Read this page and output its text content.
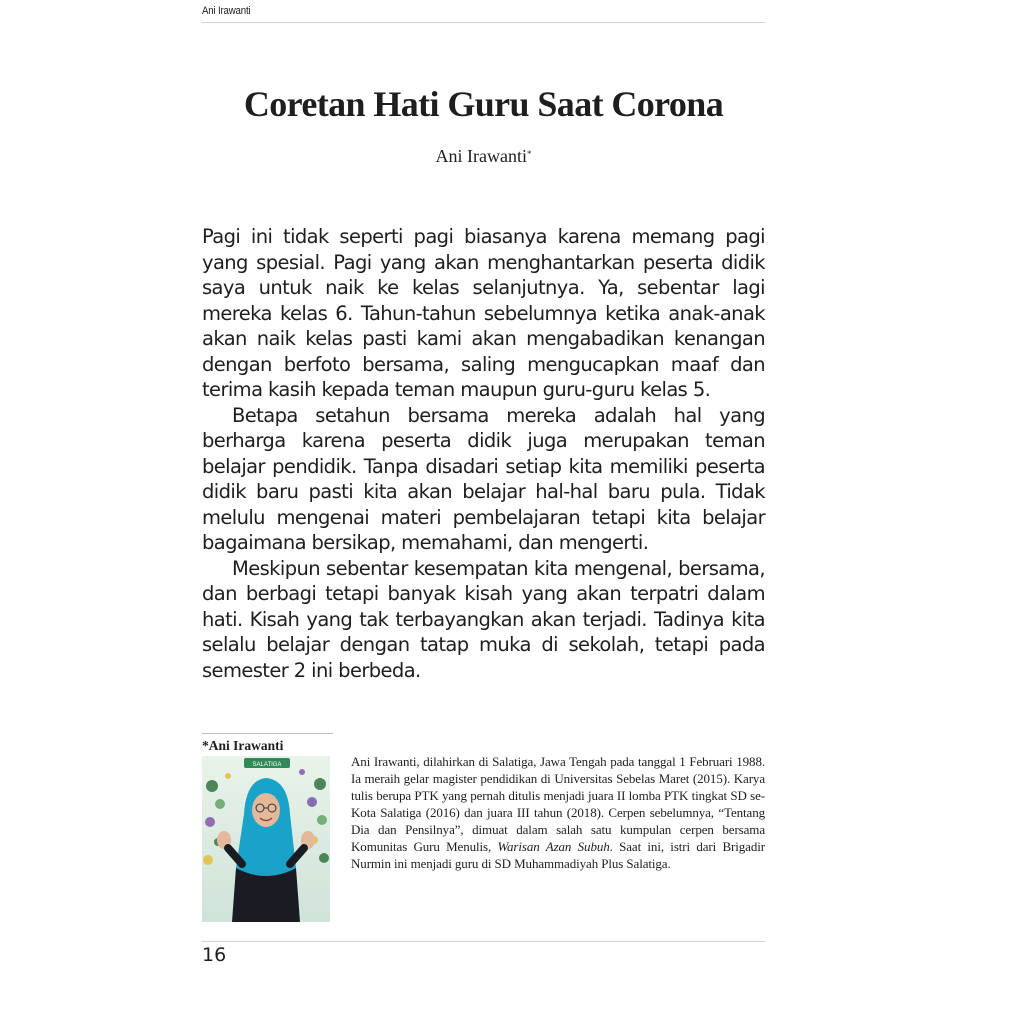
Ani Irawanti
Coretan Hati Guru Saat Corona
Ani Irawanti*

Pagi ini tidak seperti pagi biasanya karena memang pagi yang spesial. Pagi yang akan menghantarkan peserta didik saya untuk naik ke kelas selanjutnya. Ya, sebentar lagi mereka kelas 6. Tahun-tahun sebelumnya ketika anak-anak akan naik kelas pasti kami akan mengabadikan kenangan dengan berfoto bersama, saling mengucapkan maaf dan terima kasih kepada teman maupun guru-guru kelas 5.

Betapa setahun bersama mereka adalah hal yang berharga karena peserta didik juga merupakan teman belajar pendidik. Tanpa disadari setiap kita memiliki peserta didik baru pasti kita akan belajar hal-hal baru pula. Tidak melulu mengenai materi pembelajaran tetapi kita belajar bagaimana bersikap, memahami, dan mengerti.

Meskipun sebentar kesempatan kita mengenal, bersama, dan berbagi tetapi banyak kisah yang akan terpatri dalam hati. Kisah yang tak terbayangkan akan terjadi. Tadinya kita selalu belajar dengan tatap muka di sekolah, tetapi pada semester 2 ini berbeda.

*Ani Irawanti
SALATIGA	Ani Irawanti, dilahirkan di Salatiga, Jawa Tengah pada tanggal 1 Februari 1988. Ia meraih gelar magister pendidikan di Universitas Sebelas Maret (2015). Karya tulis berupa PTK yang pernah ditulis menjadi juara II lomba PTK tingkat SD se-Kota Salatiga (2016) dan juara III tahun (2018). Cerpen sebelumnya, “Tentang Dia dan Pensilnya”, dimuat dalam salah satu kumpulan cerpen bersama Komunitas Guru Menulis, Warisan Azan Subuh. Saat ini, istri dari Brigadir Nurmin ini menjadi guru di SD Muhammadiyah Plus Salatiga.

16
